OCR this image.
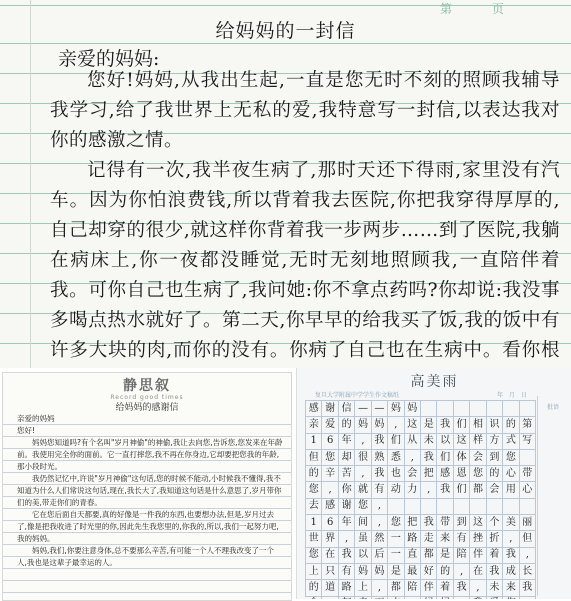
第 页
给妈妈的一封信
亲爱的妈妈:
您好!妈妈,从我出生起,一直是您无时不刻的照顾我辅导我学习,给了我世界上无私的爱,我特意写一封信,以表达我对你的感激之情。
记得有一次,我半夜生病了,那时天还下得雨,家里没有汽车。因为你怕浪费钱,所以背着我去医院,你把我穿得厚厚的,自己却穿的很少,就这样你背着我一步两步……到了医院,我躺在病床上,你一夜都没睡觉,无时无刻地照顾我,一直陪伴着我。可你自己也生病了,我问她:你不拿点药吗?你却说:我没事多喝点热水就好了。第二天,你早早的给我买了饭,我的饭中有许多大块的肉,而你的没有。你病了自己也在生病中。看你根
静思叙
Record good times
给妈妈的感谢信

亲爱的妈妈

您好!

妈妈您知道吗?有个名叫"岁月神偷"的神偷,我让去向您,告诉您,您发来在年龄前。我使用完全你的面前。它一直打摔您,我不再在你身边,它却要把您我的年龄,那小段时光。

我仍然记忆中,许说"岁月神偷"这句话,您的时候不能动,小时候我不懂得,我不知道为什么人们常说这句话,现在,我长大了,我知道这句话是什么意思了,岁月带你们的美,带走你们的青春。

它在您后面自天都要,真的好像是一件我的东西,也要想办法,但是,岁月过去了,像是把我收进了时光里的你,因此先生我您里的,你我的,所以,我们一起努力吧,我的妈妈。

妈妈,我们,你要注意身体,总不要那么辛苦,有可能一个人不理我改变了一个人,我也是这辈子最幸运的人。

高美雨
复旦大学附属中学学生作文稿纸	年 月 日
批语
感 谢 信 — — 妈 妈
亲 爱 的 妈 妈 , 这 是 我 们 相 识 的 第
1	6 年 , 我 们 从 未 以 这 样 方 式 写
但 您 却 很 熟 悉 , 我 们 体 会 到 您
的 辛 苦 , 我 也 会 把 感 恩 您 的 心 带
您 , 你 就 有 动 力 , 我 们 都 会 用 心
去 感 谢 您 ,
1	6 年 间 , 您 把 我 带 到 这 个 美 丽
世 界 , 虽 然 一 路 走 来 有 挫 折 , 但
您 在 我 以 后 一 直 都 是 陪 伴 着 我 ,
上 只 有 妈 妈 是 最 好 的 , 在 我 成 长
的 道 路 上 , 都 陪 伴 着 我 , 未 来 我
